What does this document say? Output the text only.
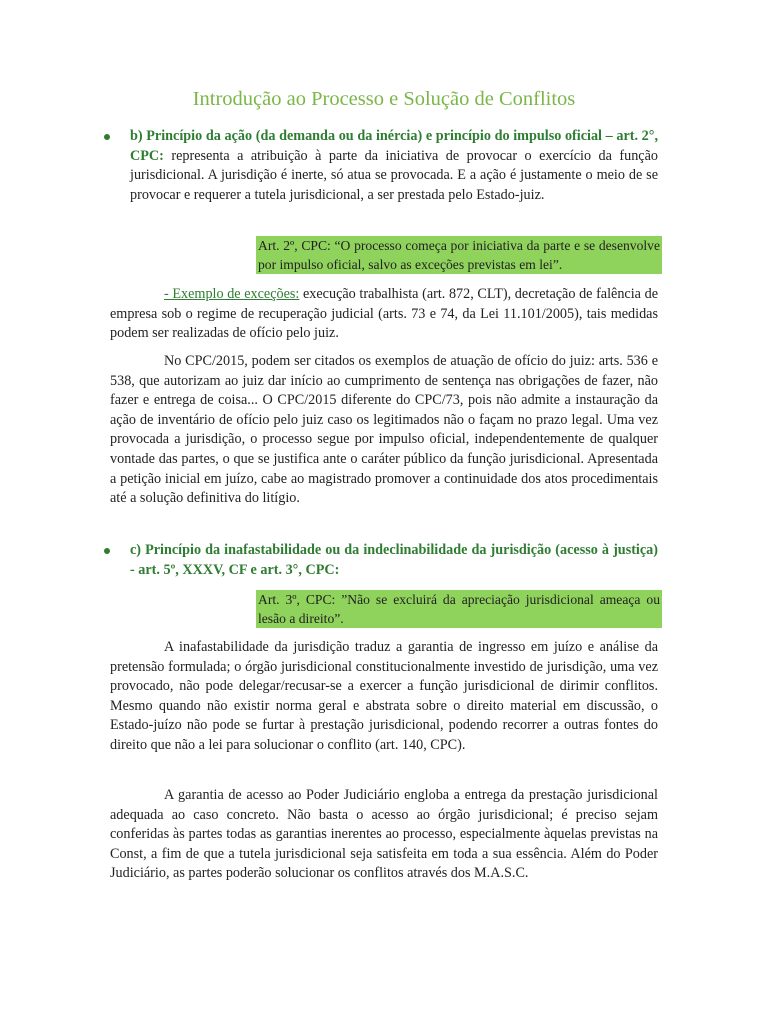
Introdução ao Processo e Solução de Conflitos

b) Princípio da ação (da demanda ou da inércia) e princípio do impulso oficial – art. 2°, CPC: representa a atribuição à parte da iniciativa de provocar o exercício da função jurisdicional. A jurisdição é inerte, só atua se provocada. E a ação é justamente o meio de se provocar e requerer a tutela jurisdicional, a ser prestada pelo Estado-juiz.

Art. 2º, CPC: “O processo começa por iniciativa da parte e se desenvolve por impulso oficial, salvo as exceções previstas em lei”.

- Exemplo de exceções: execução trabalhista (art. 872, CLT), decretação de falência de empresa sob o regime de recuperação judicial (arts. 73 e 74, da Lei 11.101/2005), tais medidas podem ser realizadas de ofício pelo juiz.

No CPC/2015, podem ser citados os exemplos de atuação de ofício do juiz: arts. 536 e 538, que autorizam ao juiz dar início ao cumprimento de sentença nas obrigações de fazer, não fazer e entrega de coisa... O CPC/2015 diferente do CPC/73, pois não admite a instauração da ação de inventário de ofício pelo juiz caso os legitimados não o façam no prazo legal. Uma vez provocada a jurisdição, o processo segue por impulso oficial, independentemente de qualquer vontade das partes, o que se justifica ante o caráter público da função jurisdicional. Apresentada a petição inicial em juízo, cabe ao magistrado promover a continuidade dos atos procedimentais até a solução definitiva do litígio.

c) Princípio da inafastabilidade ou da indeclinabilidade da jurisdição (acesso à justiça) - art. 5º, XXXV, CF e art. 3°, CPC:

Art. 3º, CPC: ”Não se excluirá da apreciação jurisdicional ameaça ou lesão a direito”.

A inafastabilidade da jurisdição traduz a garantia de ingresso em juízo e análise da pretensão formulada; o órgão jurisdicional constitucionalmente investido de jurisdição, uma vez provocado, não pode delegar/recusar-se a exercer a função jurisdicional de dirimir conflitos. Mesmo quando não existir norma geral e abstrata sobre o direito material em discussão, o Estado-juízo não pode se furtar à prestação jurisdicional, podendo recorrer a outras fontes do direito que não a lei para solucionar o conflito (art. 140, CPC).

A garantia de acesso ao Poder Judiciário engloba a entrega da prestação jurisdicional adequada ao caso concreto. Não basta o acesso ao órgão jurisdicional; é preciso sejam conferidas às partes todas as garantias inerentes ao processo, especialmente àquelas previstas na Const, a fim de que a tutela jurisdicional seja satisfeita em toda a sua essência. Além do Poder Judiciário, as partes poderão solucionar os conflitos através dos M.A.S.C.
